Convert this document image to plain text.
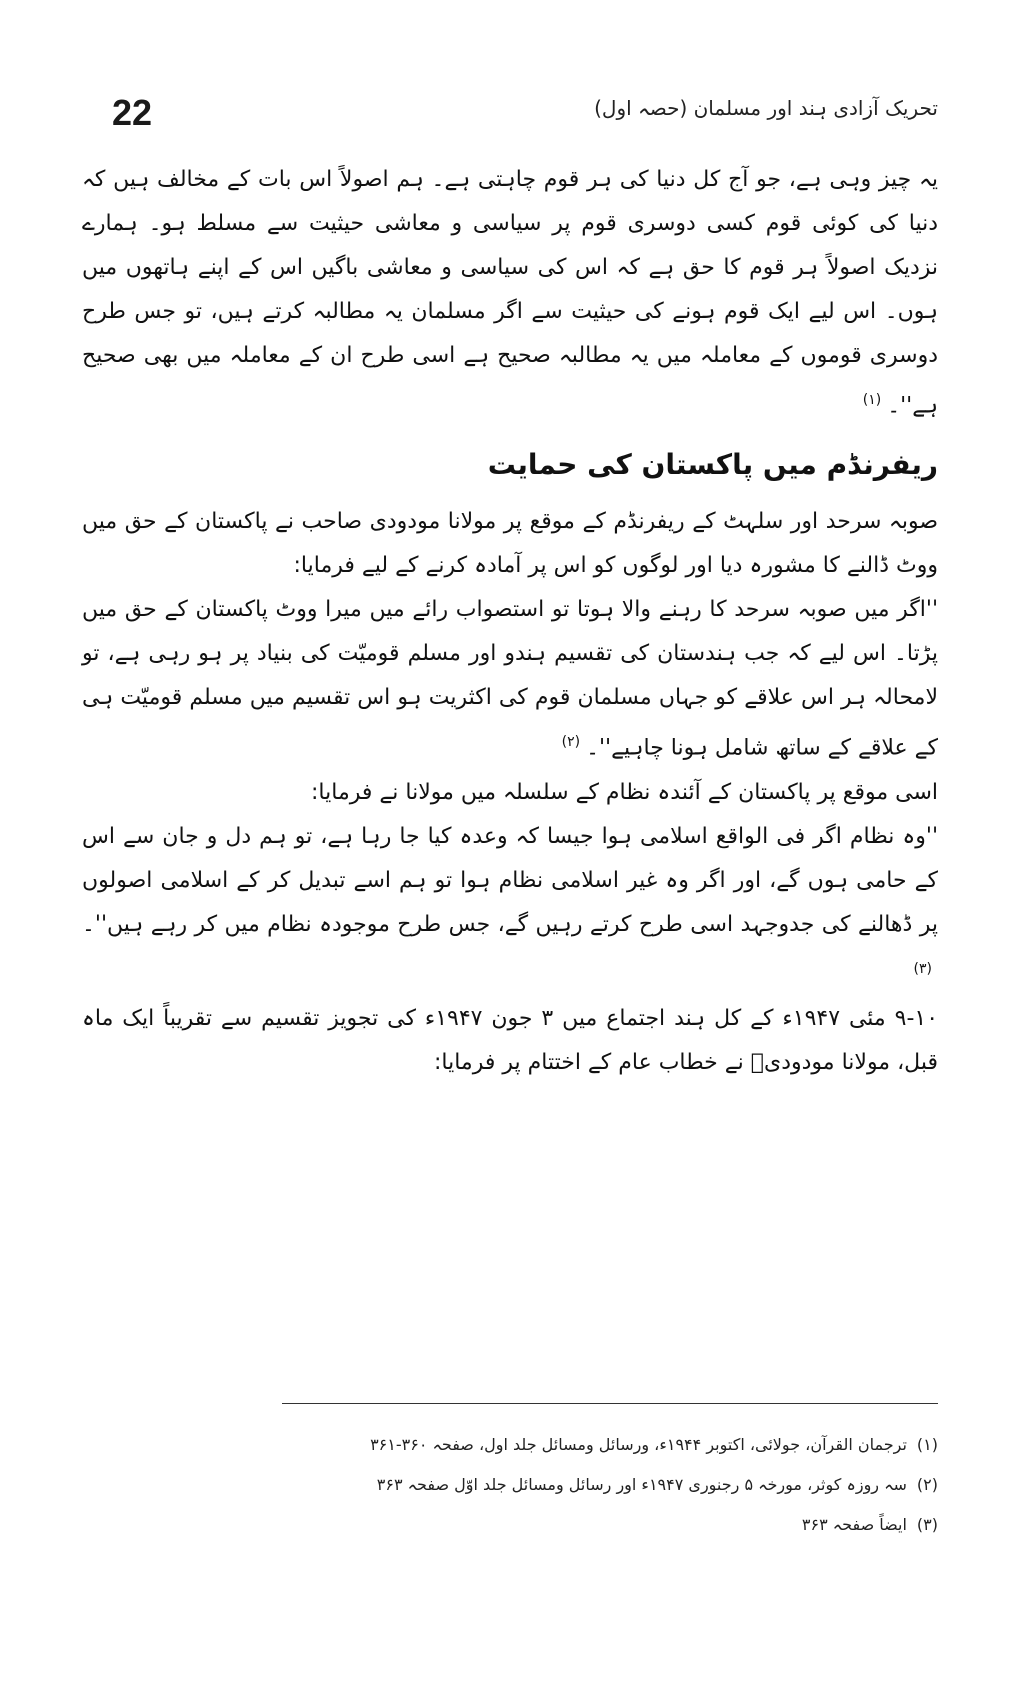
22	تحریک آزادی ہند اور مسلمان (حصہ اول)

یہ چیز وہی ہے، جو آج کل دنیا کی ہر قوم چاہتی ہے۔ ہم اصولاً اس بات کے مخالف ہیں کہ دنیا کی کوئی قوم کسی دوسری قوم پر سیاسی و معاشی حیثیت سے مسلط ہو۔ ہمارے نزدیک اصولاً ہر قوم کا حق ہے کہ اس کی سیاسی و معاشی باگیں اس کے اپنے ہاتھوں میں ہوں۔ اس لیے ایک قوم ہونے کی حیثیت سے اگر مسلمان یہ مطالبہ کرتے ہیں، تو جس طرح دوسری قوموں کے معاملہ میں یہ مطالبہ صحیح ہے اسی طرح ان کے معاملہ میں بھی صحیح ہے''۔$^{(۱)}$

ریفرنڈم میں پاکستان کی حمایت

صوبہ سرحد اور سلہٹ کے ریفرنڈم کے موقع پر مولانا مودودی صاحب نے پاکستان کے حق میں ووٹ ڈالنے کا مشورہ دیا اور لوگوں کو اس پر آمادہ کرنے کے لیے فرمایا:

''اگر میں صوبہ سرحد کا رہنے والا ہوتا تو استصواب رائے میں میرا ووٹ پاکستان کے حق میں پڑتا۔ اس لیے کہ جب ہندستان کی تقسیم ہندو اور مسلم قومیّت کی بنیاد پر ہو رہی ہے، تو لامحالہ ہر اس علاقے کو جہاں مسلمان قوم کی اکثریت ہو اس تقسیم میں مسلم قومیّت ہی کے علاقے کے ساتھ شامل ہونا چاہیے''۔$^{(۲)}$

اسی موقع پر پاکستان کے آئندہ نظام کے سلسلہ میں مولانا نے فرمایا:

''وہ نظام اگر فی الواقع اسلامی ہوا جیسا کہ وعدہ کیا جا رہا ہے، تو ہم دل و جان سے اس کے حامی ہوں گے، اور اگر وہ غیر اسلامی نظام ہوا تو ہم اسے تبدیل کر کے اسلامی اصولوں پر ڈھالنے کی جدوجہد اسی طرح کرتے رہیں گے، جس طرح موجودہ نظام میں کر رہے ہیں''۔$^{(۳)}$

۹-۱۰ مئی ۱۹۴۷ء کے کل ہند اجتماع میں ۳ جون ۱۹۴۷ء کی تجویز تقسیم سے تقریباً ایک ماہ قبل، مولانا مودودیؒ نے خطاب عام کے اختتام پر فرمایا:

(۱)ترجمان القرآن، جولائی، اکتوبر ۱۹۴۴ء، ورسائل ومسائل جلد اول، صفحہ ۳۶۰-۳۶۱

(۲)سہ روزہ کوثر، مورخہ ۵ رجنوری ۱۹۴۷ء اور رسائل ومسائل جلد اوّل صفحہ ۳۶۳

(۳)ایضاً صفحہ ۳۶۳
